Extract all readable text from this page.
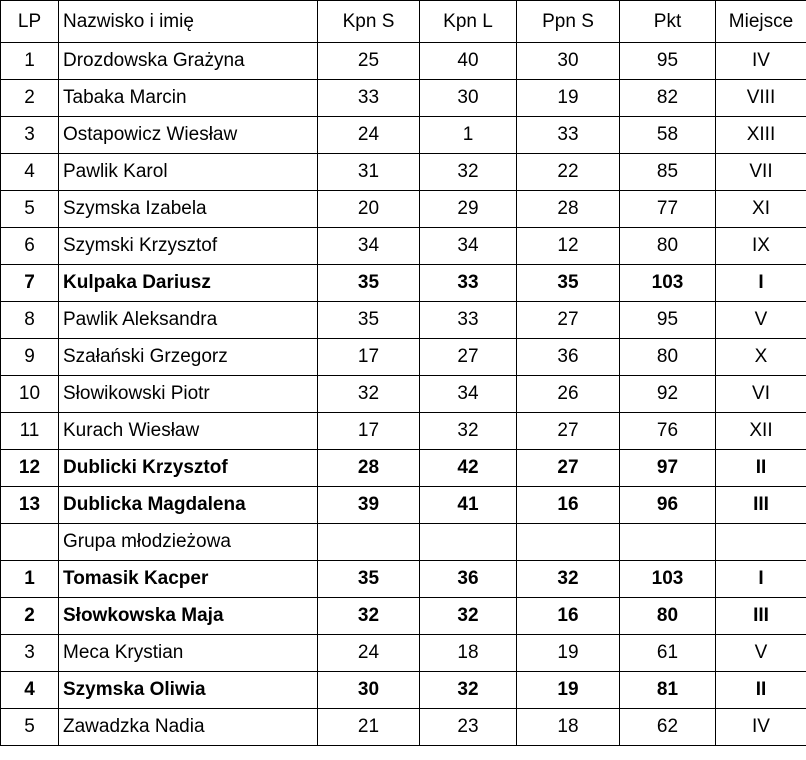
LP	Nazwisko i imię	Kpn S	Kpn L	Ppn S	Pkt	Miejsce
1	Drozdowska Grażyna	25	40	30	95	IV
2	Tabaka Marcin	33	30	19	82	VIII
3	Ostapowicz Wiesław	24	1	33	58	XIII
4	Pawlik Karol	31	32	22	85	VII
5	Szymska Izabela	20	29	28	77	XI
6	Szymski Krzysztof	34	34	12	80	IX
7	Kulpaka Dariusz	35	33	35	103	I
8	Pawlik Aleksandra	35	33	27	95	V
9	Szałański Grzegorz	17	27	36	80	X
10	Słowikowski Piotr	32	34	26	92	VI
11	Kurach Wiesław	17	32	27	76	XII
12	Dublicki Krzysztof	28	42	27	97	II
13	Dublicka Magdalena	39	41	16	96	III
	Grupa młodzieżowa					
1	Tomasik Kacper	35	36	32	103	I
2	Słowkowska Maja	32	32	16	80	III
3	Meca Krystian	24	18	19	61	V
4	Szymska Oliwia	30	32	19	81	II
5	Zawadzka Nadia	21	23	18	62	IV
